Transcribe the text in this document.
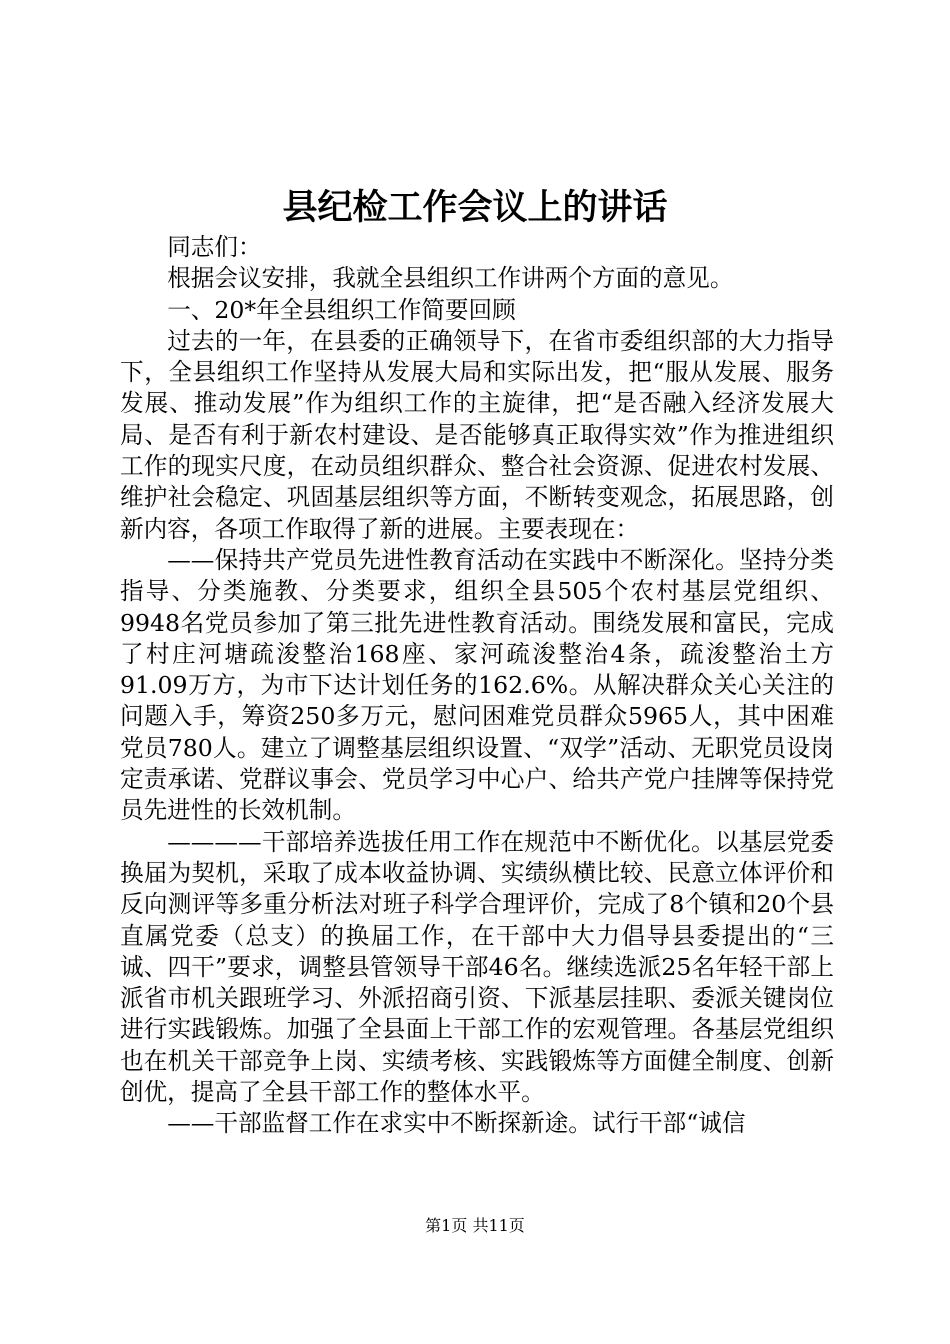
县纪检工作会议上的讲话

同志们：

根据会议安排，我就全县组织工作讲两个方面的意见。

一、20*年全县组织工作简要回顾

过去的一年，在县委的正确领导下，在省市委组织部的大力指导下，全县组织工作坚持从发展大局和实际出发，把“服从发展、服务发展、推动发展”作为组织工作的主旋律，把“是否融入经济发展大局、是否有利于新农村建设、是否能够真正取得实效”作为推进组织工作的现实尺度，在动员组织群众、整合社会资源、促进农村发展、维护社会稳定、巩固基层组织等方面，不断转变观念，拓展思路，创新内容，各项工作取得了新的进展。主要表现在：

——保持共产党员先进性教育活动在实践中不断深化。坚持分类指导、分类施教、分类要求，组织全县505个农村基层党组织、9948名党员参加了第三批先进性教育活动。围绕发展和富民，完成了村庄河塘疏浚整治168座、家河疏浚整治4条，疏浚整治土方91.09万方，为市下达计划任务的162.6%。从解决群众关心关注的问题入手，筹资250多万元，慰问困难党员群众5965人，其中困难党员780人。建立了调整基层组织设置、“双学”活动、无职党员设岗定责承诺、党群议事会、党员学习中心户、给共产党户挂牌等保持党员先进性的长效机制。

————干部培养选拔任用工作在规范中不断优化。以基层党委换届为契机，采取了成本收益协调、实绩纵横比较、民意立体评价和反向测评等多重分析法对班子科学合理评价，完成了8个镇和20个县直属党委（总支）的换届工作，在干部中大力倡导县委提出的“三诚、四干”要求，调整县管领导干部46名。继续选派25名年轻干部上派省市机关跟班学习、外派招商引资、下派基层挂职、委派关键岗位进行实践锻炼。加强了全县面上干部工作的宏观管理。各基层党组织也在机关干部竞争上岗、实绩考核、实践锻炼等方面健全制度、创新创优，提高了全县干部工作的整体水平。

——干部监督工作在求实中不断探新途。试行干部“诚信

第1页 共11页
